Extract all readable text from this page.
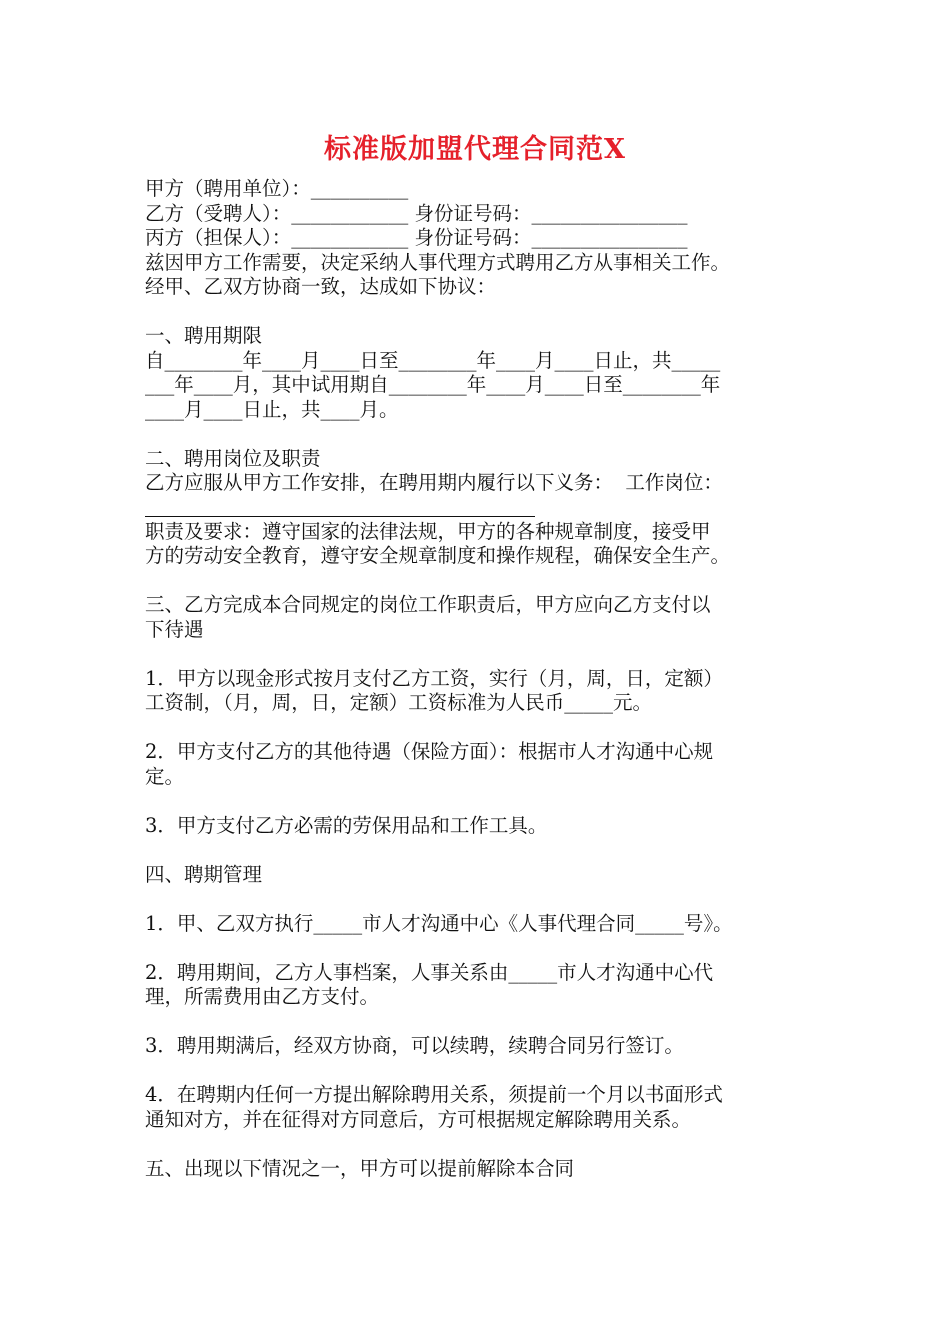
标准版加盟代理合同范X
甲方（聘用单位）：__________
乙方（受聘人）：____________ 身份证号码：________________
丙方（担保人）：____________ 身份证号码：________________
兹因甲方工作需要，决定采纳人事代理方式聘用乙方从事相关工作。
经甲、乙双方协商一致，达成如下协议：
一、聘用期限
自________年____月____日至________年____月____日止，共_____
___年____月，其中试用期自________年____月____日至________年
____月____日止，共____月。
二、聘用岗位及职责
乙方应服从甲方工作安排，在聘用期内履行以下义务：  工作岗位：
职责及要求：遵守国家的法律法规，甲方的各种规章制度，接受甲
方的劳动安全教育，遵守安全规章制度和操作规程，确保安全生产。
三、乙方完成本合同规定的岗位工作职责后，甲方应向乙方支付以
下待遇
1．甲方以现金形式按月支付乙方工资，实行（月，周，日，定额）
工资制，（月，周，日，定额）工资标准为人民币_____元。
2．甲方支付乙方的其他待遇（保险方面）：根据市人才沟通中心规
定。
3．甲方支付乙方必需的劳保用品和工作工具。
四、聘期管理
1．甲、乙双方执行_____市人才沟通中心《人事代理合同_____号》。
2．聘用期间，乙方人事档案，人事关系由_____市人才沟通中心代
理，所需费用由乙方支付。
3．聘用期满后，经双方协商，可以续聘，续聘合同另行签订。
4．在聘期内任何一方提出解除聘用关系，须提前一个月以书面形式
通知对方，并在征得对方同意后，方可根据规定解除聘用关系。
五、出现以下情况之一，甲方可以提前解除本合同
